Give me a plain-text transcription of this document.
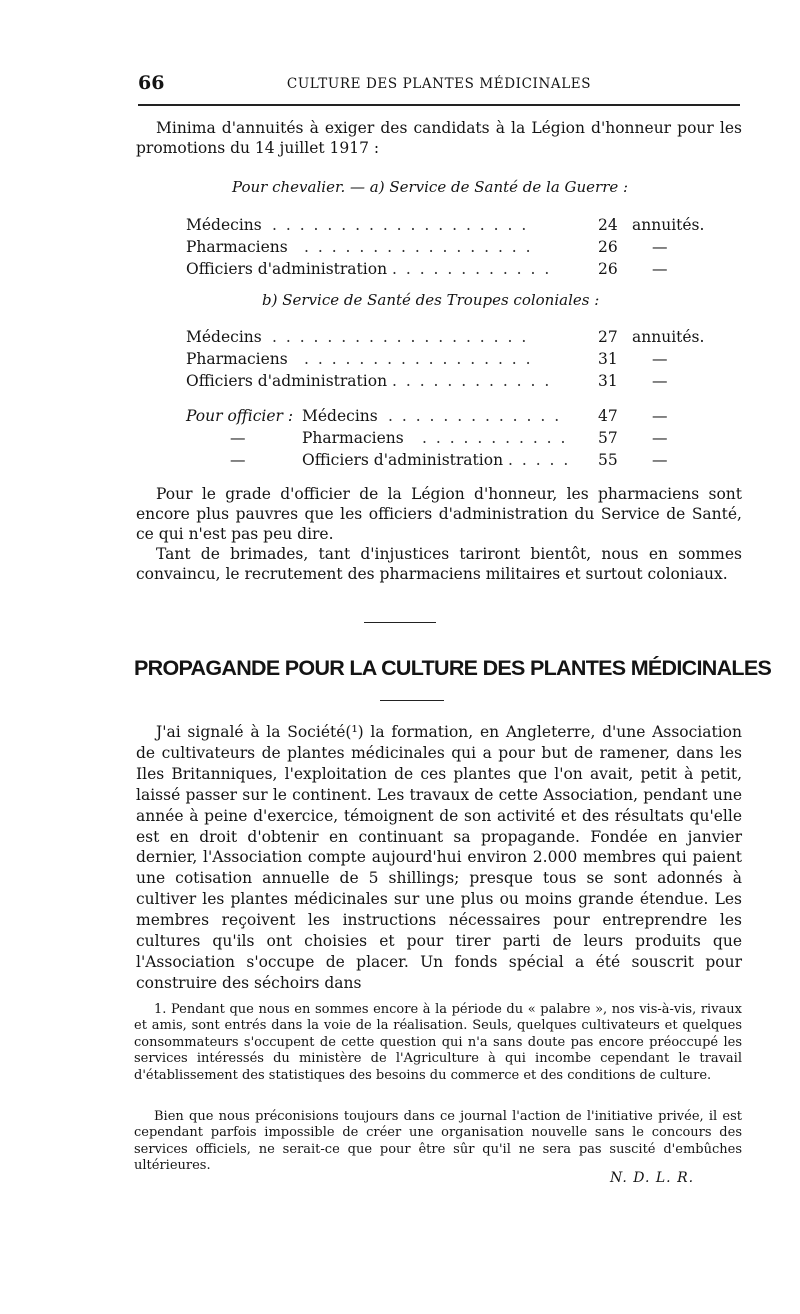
66	CULTURE DES PLANTES MÉDICINALES

Minima d'annuités à exiger des candidats à la Légion d'honneur pour les promotions du 14 juillet 1917 :

Pour chevalier. — a) Service de Santé de la Guerre :
Médecins . . . . . . . . . . . . . . . . . . .	24 annuités.
Pharmaciens . . . . . . . . . . . . . . . . .	26 —
Officiers d'administration . . . . . . . . . . . .	26 —
b) Service de Santé des Troupes coloniales :
Médecins . . . . . . . . . . . . . . . . . . .	27 annuités.
Pharmaciens . . . . . . . . . . . . . . . . .	31 —
Officiers d'administration . . . . . . . . . . . .	31 —
Pour officier : Médecins . . . . . . . . . . . . . 47 —
—	Pharmaciens . . . . . . . . . . . 57 —
—	Officiers d'administration . . . . . 55 —

Pour le grade d'officier de la Légion d'honneur, les pharmaciens sont encore plus pauvres que les officiers d'administration du Service de Santé, ce qui n'est pas peu dire.

Tant de brimades, tant d'injustices tariront bientôt, nous en sommes convaincu, le recrutement des pharmaciens militaires et surtout coloniaux.

PROPAGANDE POUR LA CULTURE DES PLANTES MÉDICINALES

J'ai signalé à la Société(¹) la formation, en Angleterre, d'une Association de cultivateurs de plantes médicinales qui a pour but de ramener, dans les Iles Britanniques, l'exploitation de ces plantes que l'on avait, petit à petit, laissé passer sur le continent. Les travaux de cette Association, pendant une année à peine d'exercice, témoignent de son activité et des résultats qu'elle est en droit d'obtenir en continuant sa propagande. Fondée en janvier dernier, l'Association compte aujourd'hui environ 2.000 membres qui paient une cotisation annuelle de 5 shillings; presque tous se sont adonnés à cultiver les plantes médicinales sur une plus ou moins grande étendue. Les membres reçoivent les instructions nécessaires pour entreprendre les cultures qu'ils ont choisies et pour tirer parti de leurs produits que l'Association s'occupe de placer. Un fonds spécial a été souscrit pour construire des séchoirs dans

1. Pendant que nous en sommes encore à la période du « palabre », nos vis-à-vis, rivaux et amis, sont entrés dans la voie de la réalisation. Seuls, quelques cultivateurs et quelques consommateurs s'occupent de cette question qui n'a sans doute pas encore préoccupé les services intéressés du ministère de l'Agriculture à qui incombe cependant le travail d'établissement des statistiques des besoins du commerce et des conditions de culture.

Bien que nous préconisions toujours dans ce journal l'action de l'initiative privée, il est cependant parfois impossible de créer une organisation nouvelle sans le concours des services officiels, ne serait-ce que pour être sûr qu'il ne sera pas suscité d'embûches ultérieures.

N. D. L. R.
